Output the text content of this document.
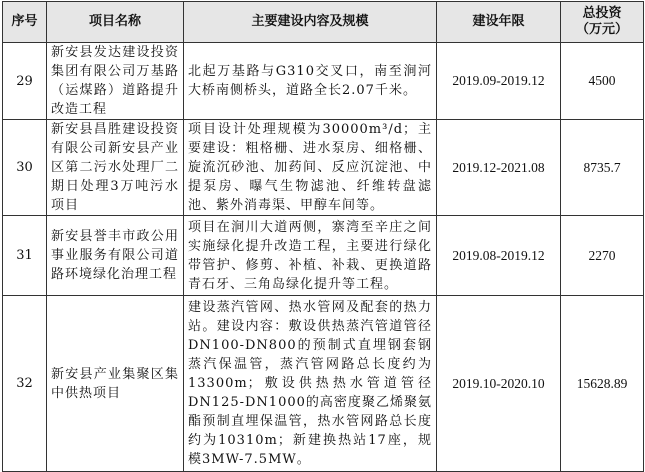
序号	项目名称	主要建设内容及规模	建设年限	总投资
（万元）

29	新安县发达建设投资集团有限公司万基路（运煤路）道路提升改造工程	北起万基路与G310交叉口，南至涧河大桥南侧桥头，道路全长2.07千米。	2019.09-2019.12	4500
30	新安县昌胜建设投资有限公司新安县产业区第二污水处理厂二期日处理3万吨污水项目	项目设计处理规模为30000m³/d；主要建设：粗格栅、进水泵房、细格栅、旋流沉砂池、加药间、反应沉淀池、中提泵房、曝气生物滤池、纤维转盘滤池、紫外消毒渠、甲醇车间等。	2019.12-2021.08	8735.7
31	新安县誉丰市政公用事业服务有限公司道路环境绿化治理工程	项目在涧川大道两侧，寨湾至辛庄之间实施绿化提升改造工程，主要进行绿化带管护、修剪、补植、补栽、更换道路青石牙、三角岛绿化提升等工程。	2019.08-2019.12	2270
32	新安县产业集聚区集中供热项目	建设蒸汽管网、热水管网及配套的热力站。建设内容：敷设供热蒸汽管道管径DN100-DN800的预制式直埋钢套钢蒸汽保温管，蒸汽管网路总长度约为13300m；敷设供热热水管道管径DN125-DN1000的高密度聚乙烯聚氨酯预制直埋保温管，热水管网路总长度约为10310m；新建换热站17座，规模3MW-7.5MW。	2019.10-2020.10	15628.89
